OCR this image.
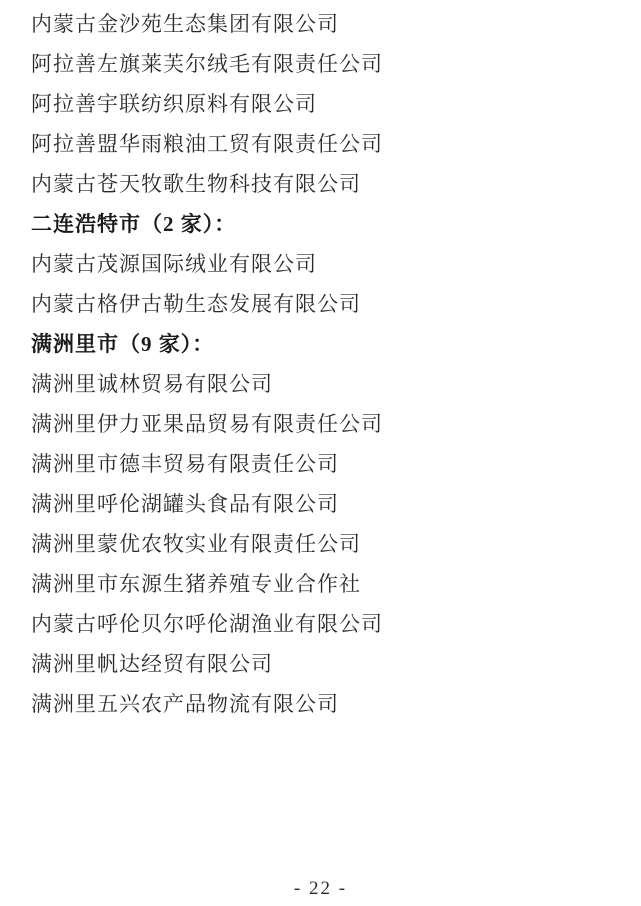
内蒙古金沙苑生态集团有限公司
阿拉善左旗莱芙尔绒毛有限责任公司
阿拉善宇联纺织原料有限公司
阿拉善盟华雨粮油工贸有限责任公司
内蒙古苍天牧歌生物科技有限公司
二连浩特市（2 家）：
内蒙古茂源国际绒业有限公司
内蒙古格伊古勒生态发展有限公司
满洲里市（9 家）：
满洲里诚林贸易有限公司
满洲里伊力亚果品贸易有限责任公司
满洲里市德丰贸易有限责任公司
满洲里呼伦湖罐头食品有限公司
满洲里蒙优农牧实业有限责任公司
满洲里市东源生猪养殖专业合作社
内蒙古呼伦贝尔呼伦湖渔业有限公司
满洲里帆达经贸有限公司
满洲里五兴农产品物流有限公司
- 22 -
